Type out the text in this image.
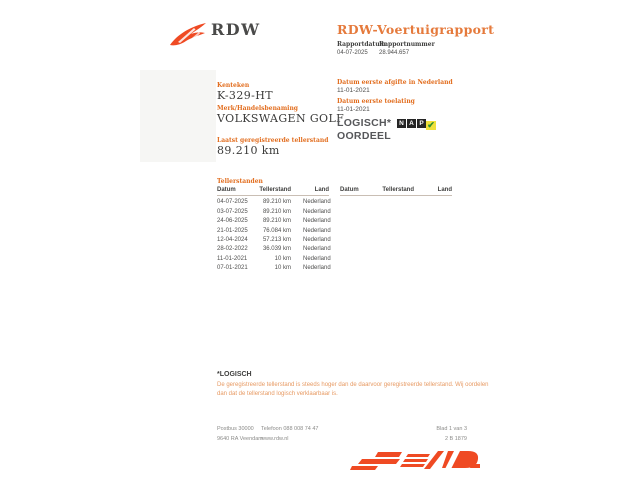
RDW	RDW-Voertuigrapport
Rapportdatum
04-07-2025
Rapportnummer
28.944.657
Kenteken
K-329-HT
Merk/Handelsbenaming
VOLKSWAGEN GOLF
Laatst geregistreerde tellerstand
89.210 km
Datum eerste afgifte in Nederland
11-01-2021
Datum eerste toelating
11-01-2021
LOGISCH*
OORDEEL
N A P ✔
Tellerstanden
Datum	Tellerstand	Land
04-07-2025	89.210 km	Nederland
03-07-2025	89.210 km	Nederland
24-06-2025	89.210 km	Nederland
21-01-2025	76.084 km	Nederland
12-04-2024	57.213 km	Nederland
28-02-2022	36.039 km	Nederland
11-01-2021	10 km	Nederland
07-01-2021	10 km	Nederland
Datum	Tellerstand	Land
*LOGISCH
De geregistreerde tellerstand is steeds hoger dan de daarvoor geregistreerde tellerstand. Wij oordelen dan dat de tellerstand logisch verklaarbaar is.
Postbus 30000
9640 RA Veendam
Telefoon 088 008 74 47
www.rdw.nl
Blad 1 van 3
2 B 1879
